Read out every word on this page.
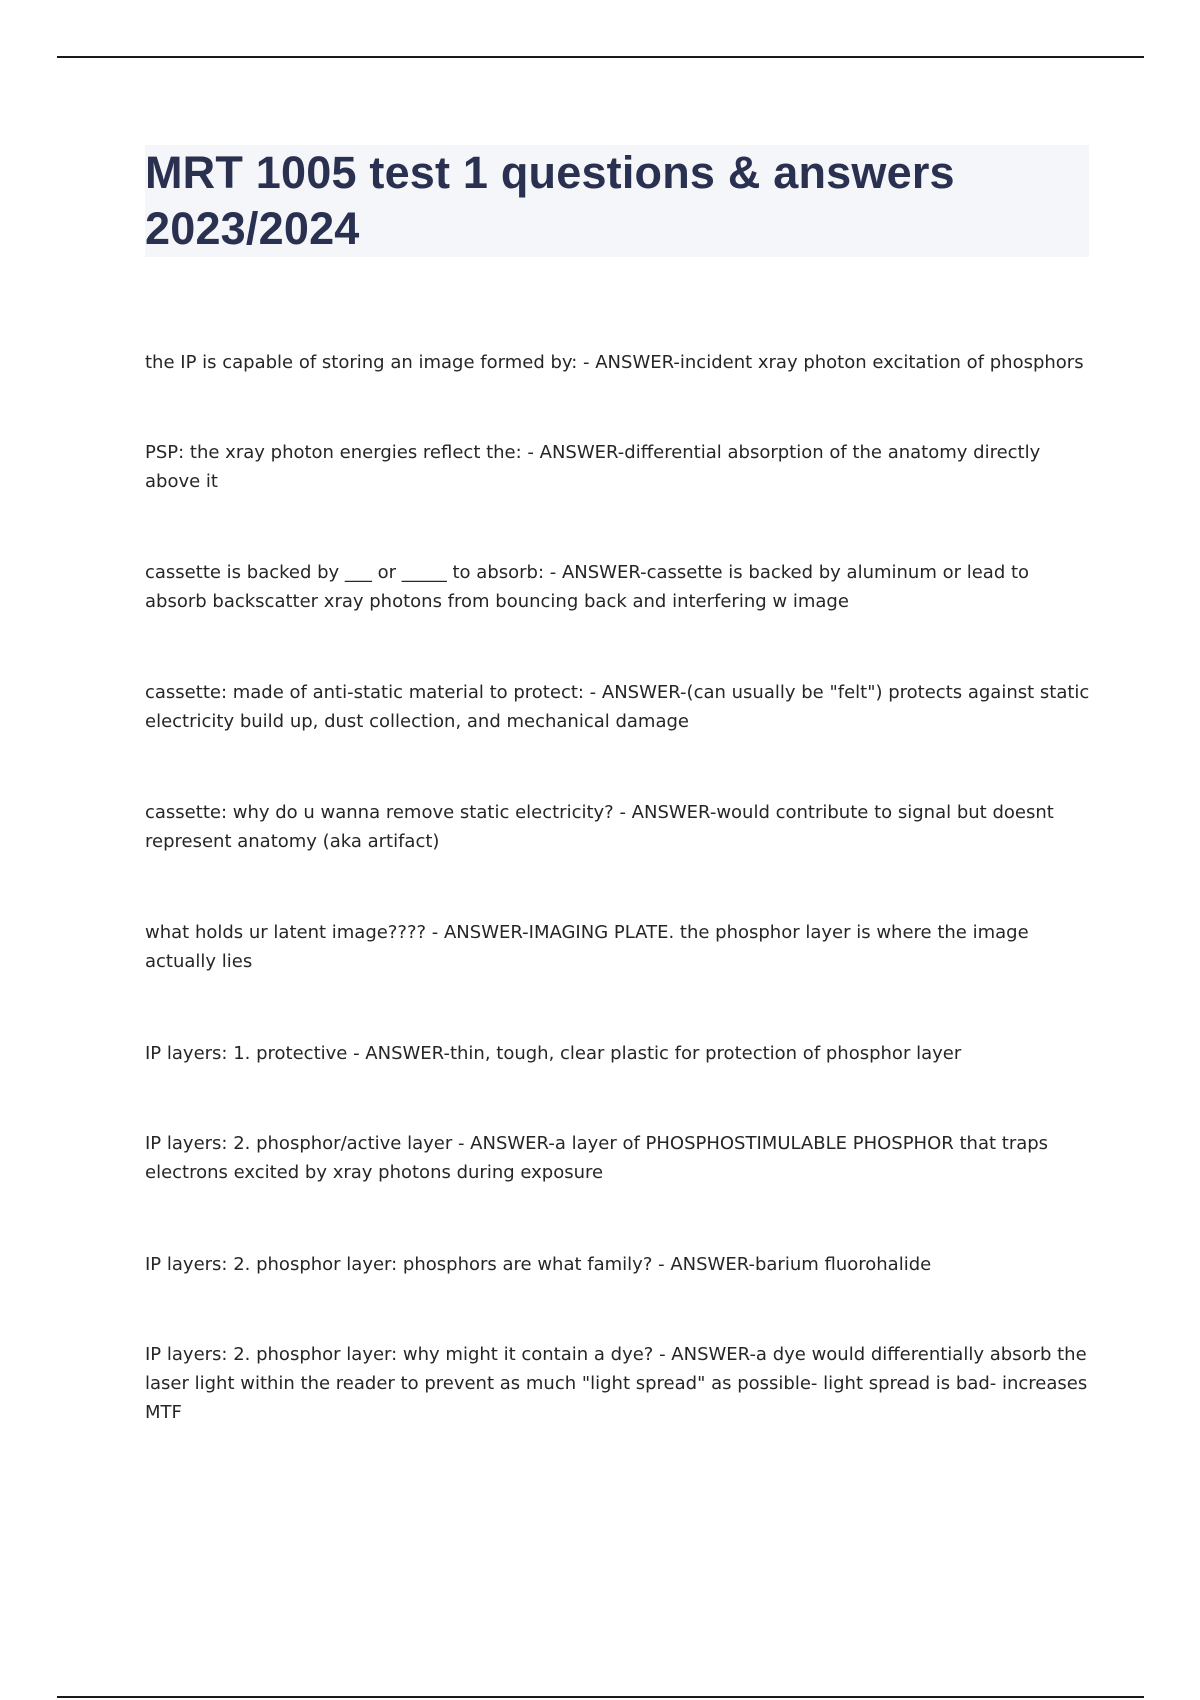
MRT 1005 test 1 questions & answers 2023/2024

the IP is capable of storing an image formed by: - ANSWER-incident xray photon excitation of phosphors

PSP: the xray photon energies reflect the: - ANSWER-differential absorption of the anatomy directly above it

cassette is backed by ___ or _____ to absorb: - ANSWER-cassette is backed by aluminum or lead to absorb backscatter xray photons from bouncing back and interfering w image

cassette: made of anti-static material to protect: - ANSWER-(can usually be "felt") protects against static electricity build up, dust collection, and mechanical damage

cassette: why do u wanna remove static electricity? - ANSWER-would contribute to signal but doesnt represent anatomy (aka artifact)

what holds ur latent image???? - ANSWER-IMAGING PLATE. the phosphor layer is where the image actually lies

IP layers: 1. protective - ANSWER-thin, tough, clear plastic for protection of phosphor layer

IP layers: 2. phosphor/active layer - ANSWER-a layer of PHOSPHOSTIMULABLE PHOSPHOR that traps electrons excited by xray photons during exposure

IP layers: 2. phosphor layer: phosphors are what family? - ANSWER-barium fluorohalide

IP layers: 2. phosphor layer: why might it contain a dye? - ANSWER-a dye would differentially absorb the laser light within the reader to prevent as much "light spread" as possible- light spread is bad- increases MTF
